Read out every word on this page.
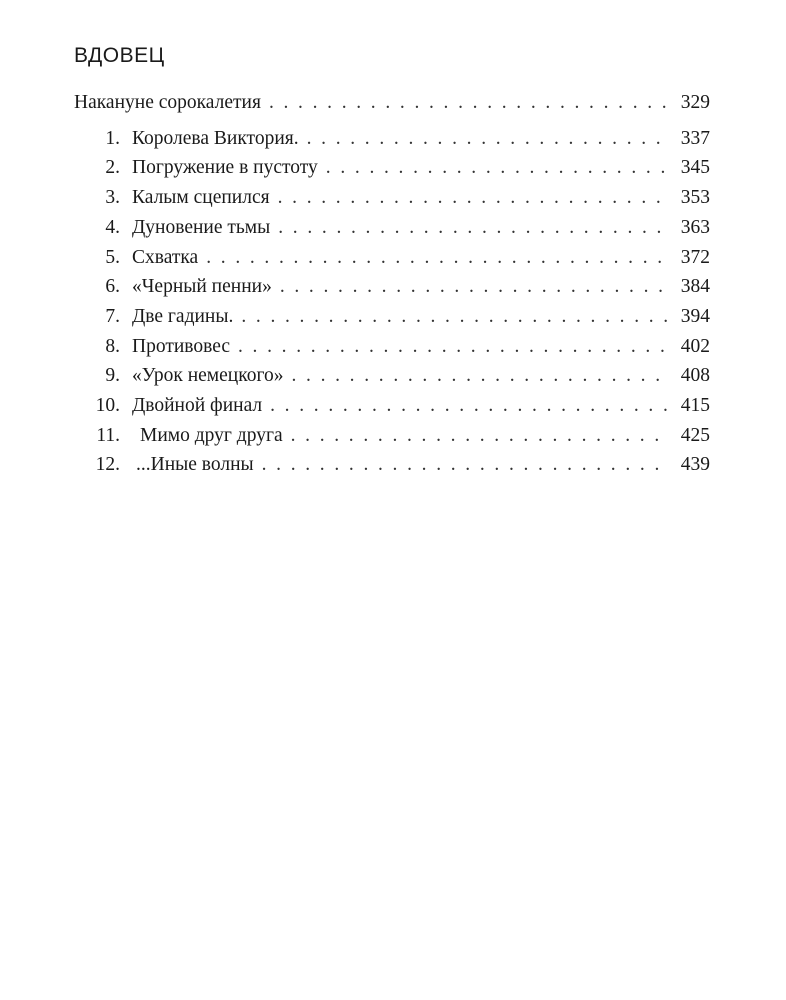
ВДОВЕЦ
Накануне сорокалетия . . .	329
1. Королева Виктория. . . .	337
2. Погружение в пустоту . . .	345
3. Калым сцепился . . .	353
4. Дуновение тьмы . . .	363
5. Схватка . . .	372
6. «Черный пенни» . . .	384
7. Две гадины. . . .	394
8. Противовес . . .	402
9. «Урок немецкого» . . .	408
10. Двойной финал . . .	415
11. Мимо друг друга . . .	425
12. ...Иные волны . . .	439
